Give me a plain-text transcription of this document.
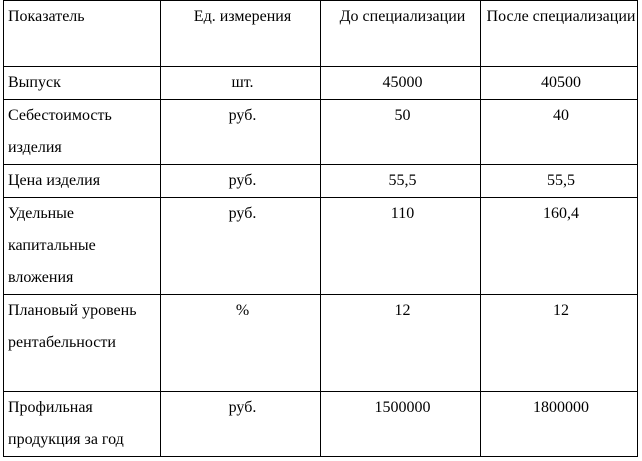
Показатель	Ед. измерения	До специализации	После специализации
Выпуск	шт.	45000	40500
Себестоимость изделия	руб.	50	40
Цена изделия	руб.	55,5	55,5
Удельные капитальные вложения	руб.	110	160,4
Плановый уровень рентабельности	%	12	12
Профильная продукция за год	руб.	1500000	1800000
